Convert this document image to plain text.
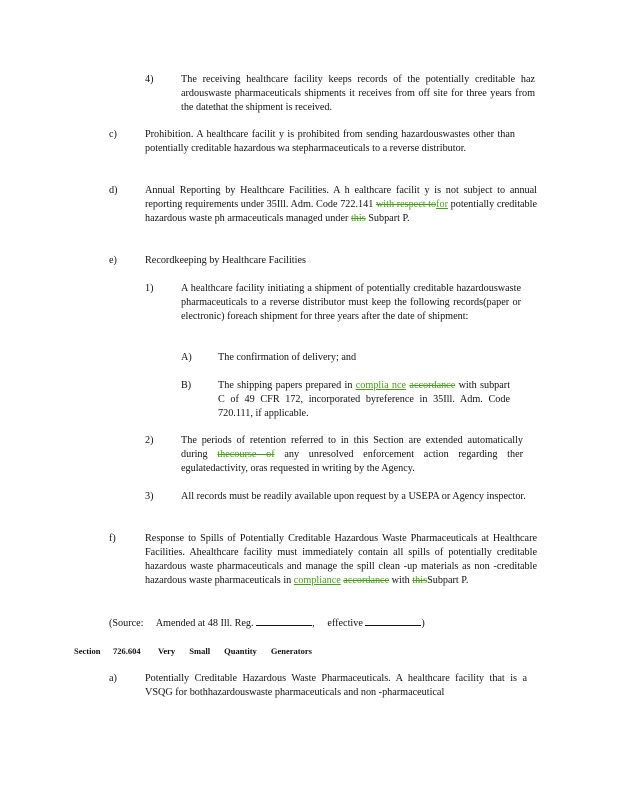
4)	The receiving healthcare facility keeps records of the potentially creditable haz ardouswaste pharmaceuticals shipments it receives from off site for three years from the datethat the shipment is received.
c)	Prohibition. A healthcare facilit y is prohibited from sending hazardouswastes other than potentially creditable hazardous wa stepharmaceuticals to a reverse distributor.
d)	Annual Reporting by Healthcare Facilities. A h ealthcare facilit y is not subject to annual reporting requirements under 35Ill. Adm. Code 722.141 with respect tofor potentially creditable hazardous waste ph armaceuticals managed under this Subpart P.
e)	Recordkeeping by Healthcare Facilities
1)	A healthcare facility initiating a shipment of potentially creditable hazardouswaste pharmaceuticals to a reverse distributor must keep the following records(paper or electronic) foreach shipment for three years after the date of shipment:
A)	The confirmation of delivery; and
B)	The shipping papers prepared in complia nce accordance with subpart C of 49 CFR 172, incorporated byreference in 35Ill. Adm. Code 720.111, if applicable.
2)	The periods of retention referred to in this Section are extended automatically during thecourse of any unresolved enforcement action regarding ther egulatedactivity, oras requested in writing by the Agency.
3)	All records must be readily available upon request by a USEPA or Agency inspector.
f)	Response to Spills of Potentially Creditable Hazardous Waste Pharmaceuticals at Healthcare Facilities. Ahealthcare facility must immediately contain all spills of potentially creditable hazardous waste pharmaceuticals and manage the spill clean -up materials as non -creditable hazardous waste pharmaceuticals in compliance accordance with thisSubpart P.
(Source: Amended at 48 Ill. Reg.	, effective	)
Section 726.604 Very Small Quantity Generators
a)	Potentially Creditable Hazardous Waste Pharmaceuticals. A healthcare facility that is a VSQG for bothhazardouswaste pharmaceuticals and non -pharmaceutical
